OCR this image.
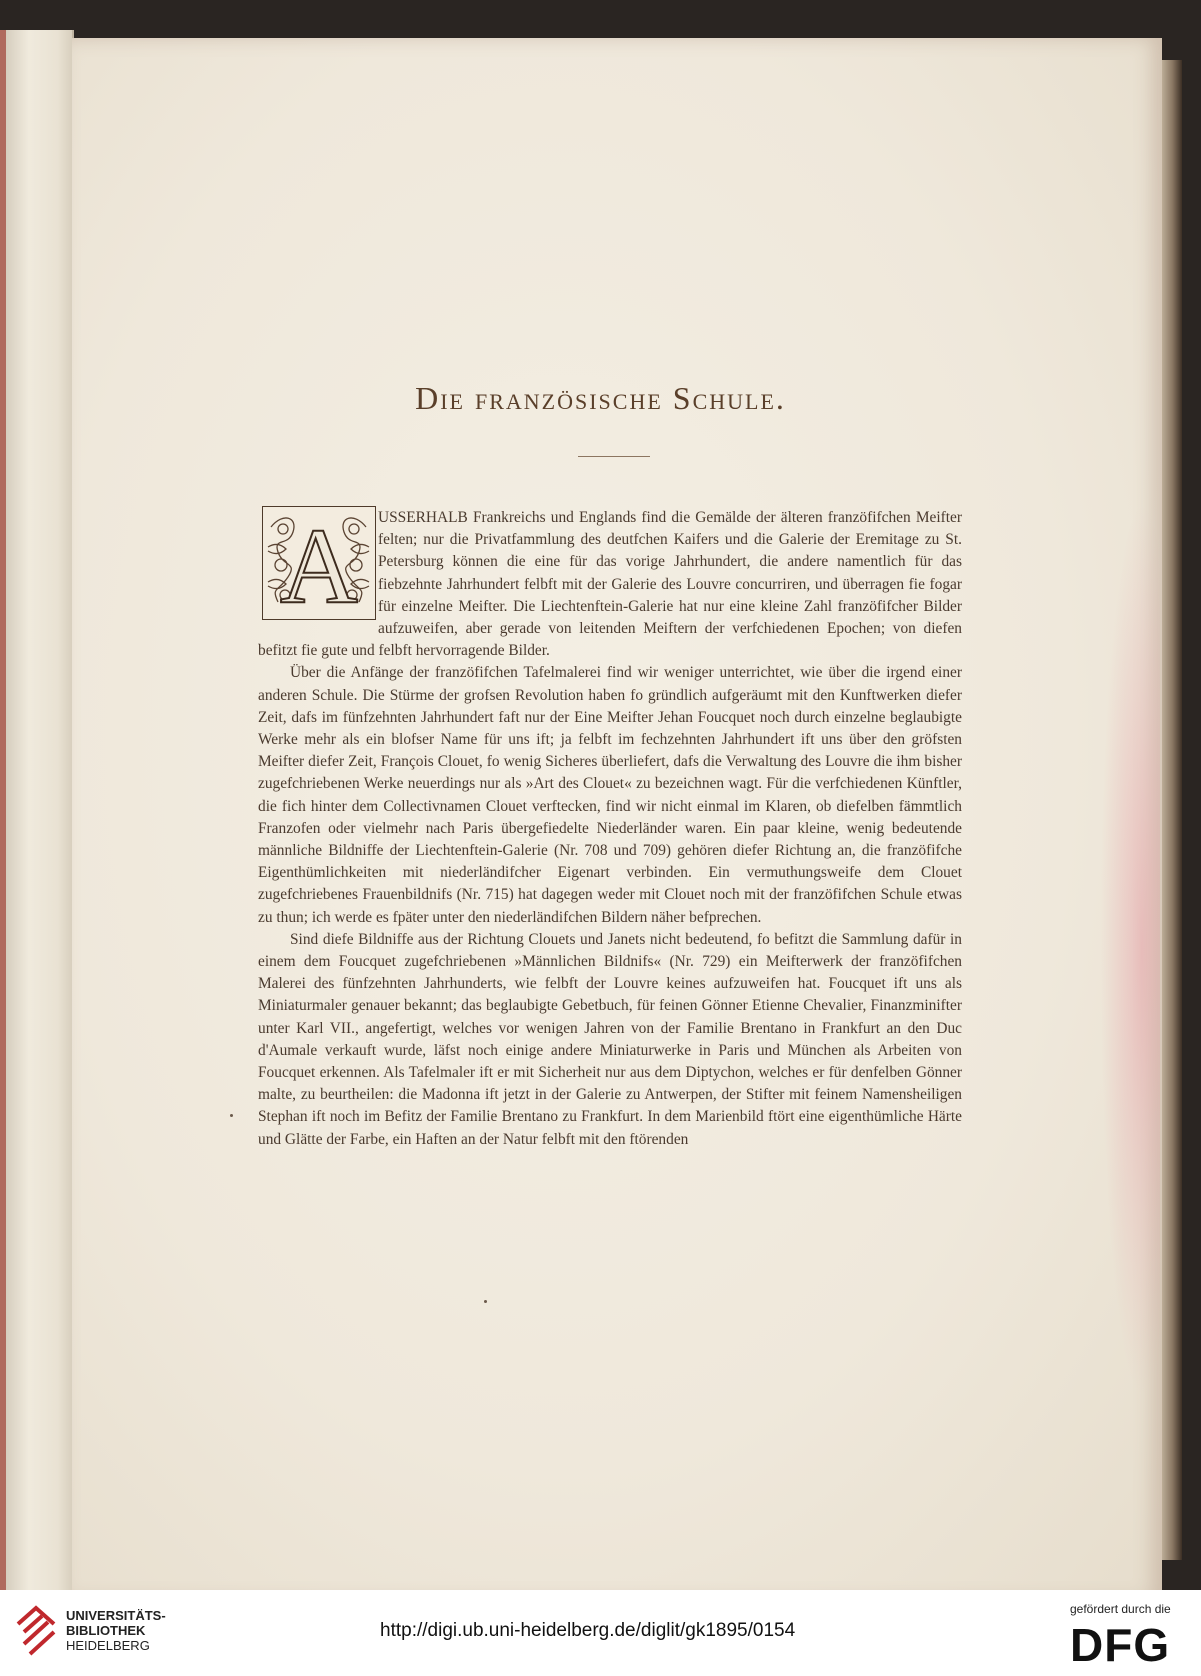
Die französische Schule.
A	USSERHALB Frankreichs und Englands find die Gemälde der älteren franzöfifchen Meifter felten; nur die Privatfammlung des deutfchen Kaifers und die Galerie der Eremitage zu St. Petersburg können die eine für das vorige Jahrhundert, die andere namentlich für das fiebzehnte Jahrhundert felbft mit der Galerie des Louvre concurriren, und überragen fie fogar für einzelne Meifter. Die Liechtenftein-Galerie hat nur eine kleine Zahl franzöfifcher Bilder aufzuweifen, aber gerade von leitenden Meiftern der verfchiedenen Epochen; von diefen befitzt fie gute und felbft hervorragende Bilder.

Über die Anfänge der franzöfifchen Tafelmalerei find wir weniger unterrichtet, wie über die irgend einer anderen Schule. Die Stürme der grofsen Revolution haben fo gründlich aufgeräumt mit den Kunftwerken diefer Zeit, dafs im fünfzehnten Jahrhundert faft nur der Eine Meifter Jehan Foucquet noch durch einzelne beglaubigte Werke mehr als ein blofser Name für uns ift; ja felbft im fechzehnten Jahrhundert ift uns über den gröfsten Meifter diefer Zeit, François Clouet, fo wenig Sicheres überliefert, dafs die Verwaltung des Louvre die ihm bisher zugefchriebenen Werke neuerdings nur als »Art des Clouet« zu bezeichnen wagt. Für die verfchiedenen Künftler, die fich hinter dem Collectivnamen Clouet verftecken, find wir nicht einmal im Klaren, ob diefelben fämmtlich Franzofen oder vielmehr nach Paris übergefiedelte Niederländer waren. Ein paar kleine, wenig bedeutende männliche Bildniffe der Liechtenftein-Galerie (Nr. 708 und 709) gehören diefer Richtung an, die franzöfifche Eigenthümlichkeiten mit niederländifcher Eigenart verbinden. Ein vermuthungsweife dem Clouet zugefchriebenes Frauenbildnifs (Nr. 715) hat dagegen weder mit Clouet noch mit der franzöfifchen Schule etwas zu thun; ich werde es fpäter unter den niederländifchen Bildern näher befprechen.

Sind diefe Bildniffe aus der Richtung Clouets und Janets nicht bedeutend, fo befitzt die Sammlung dafür in einem dem Foucquet zugefchriebenen »Männlichen Bildnifs« (Nr. 729) ein Meifterwerk der franzöfifchen Malerei des fünfzehnten Jahrhunderts, wie felbft der Louvre keines aufzuweifen hat. Foucquet ift uns als Miniaturmaler genauer bekannt; das beglaubigte Gebetbuch, für feinen Gönner Etienne Chevalier, Finanzminifter unter Karl VII., angefertigt, welches vor wenigen Jahren von der Familie Brentano in Frankfurt an den Duc d'Aumale verkauft wurde, läfst noch einige andere Miniaturwerke in Paris und München als Arbeiten von Foucquet erkennen. Als Tafelmaler ift er mit Sicherheit nur aus dem Diptychon, welches er für denfelben Gönner malte, zu beurtheilen: die Madonna ift jetzt in der Galerie zu Antwerpen, der Stifter mit feinem Namensheiligen Stephan ift noch im Befitz der Familie Brentano zu Frankfurt. In dem Marienbild ftört eine eigenthümliche Härte und Glätte der Farbe, ein Haften an der Natur felbft mit den ftörenden

UNIVERSITÄTS-
BIBLIOTHEK
HEIDELBERG
http://digi.ub.uni-heidelberg.de/diglit/gk1895/0154
gefördert durch die
DFG
